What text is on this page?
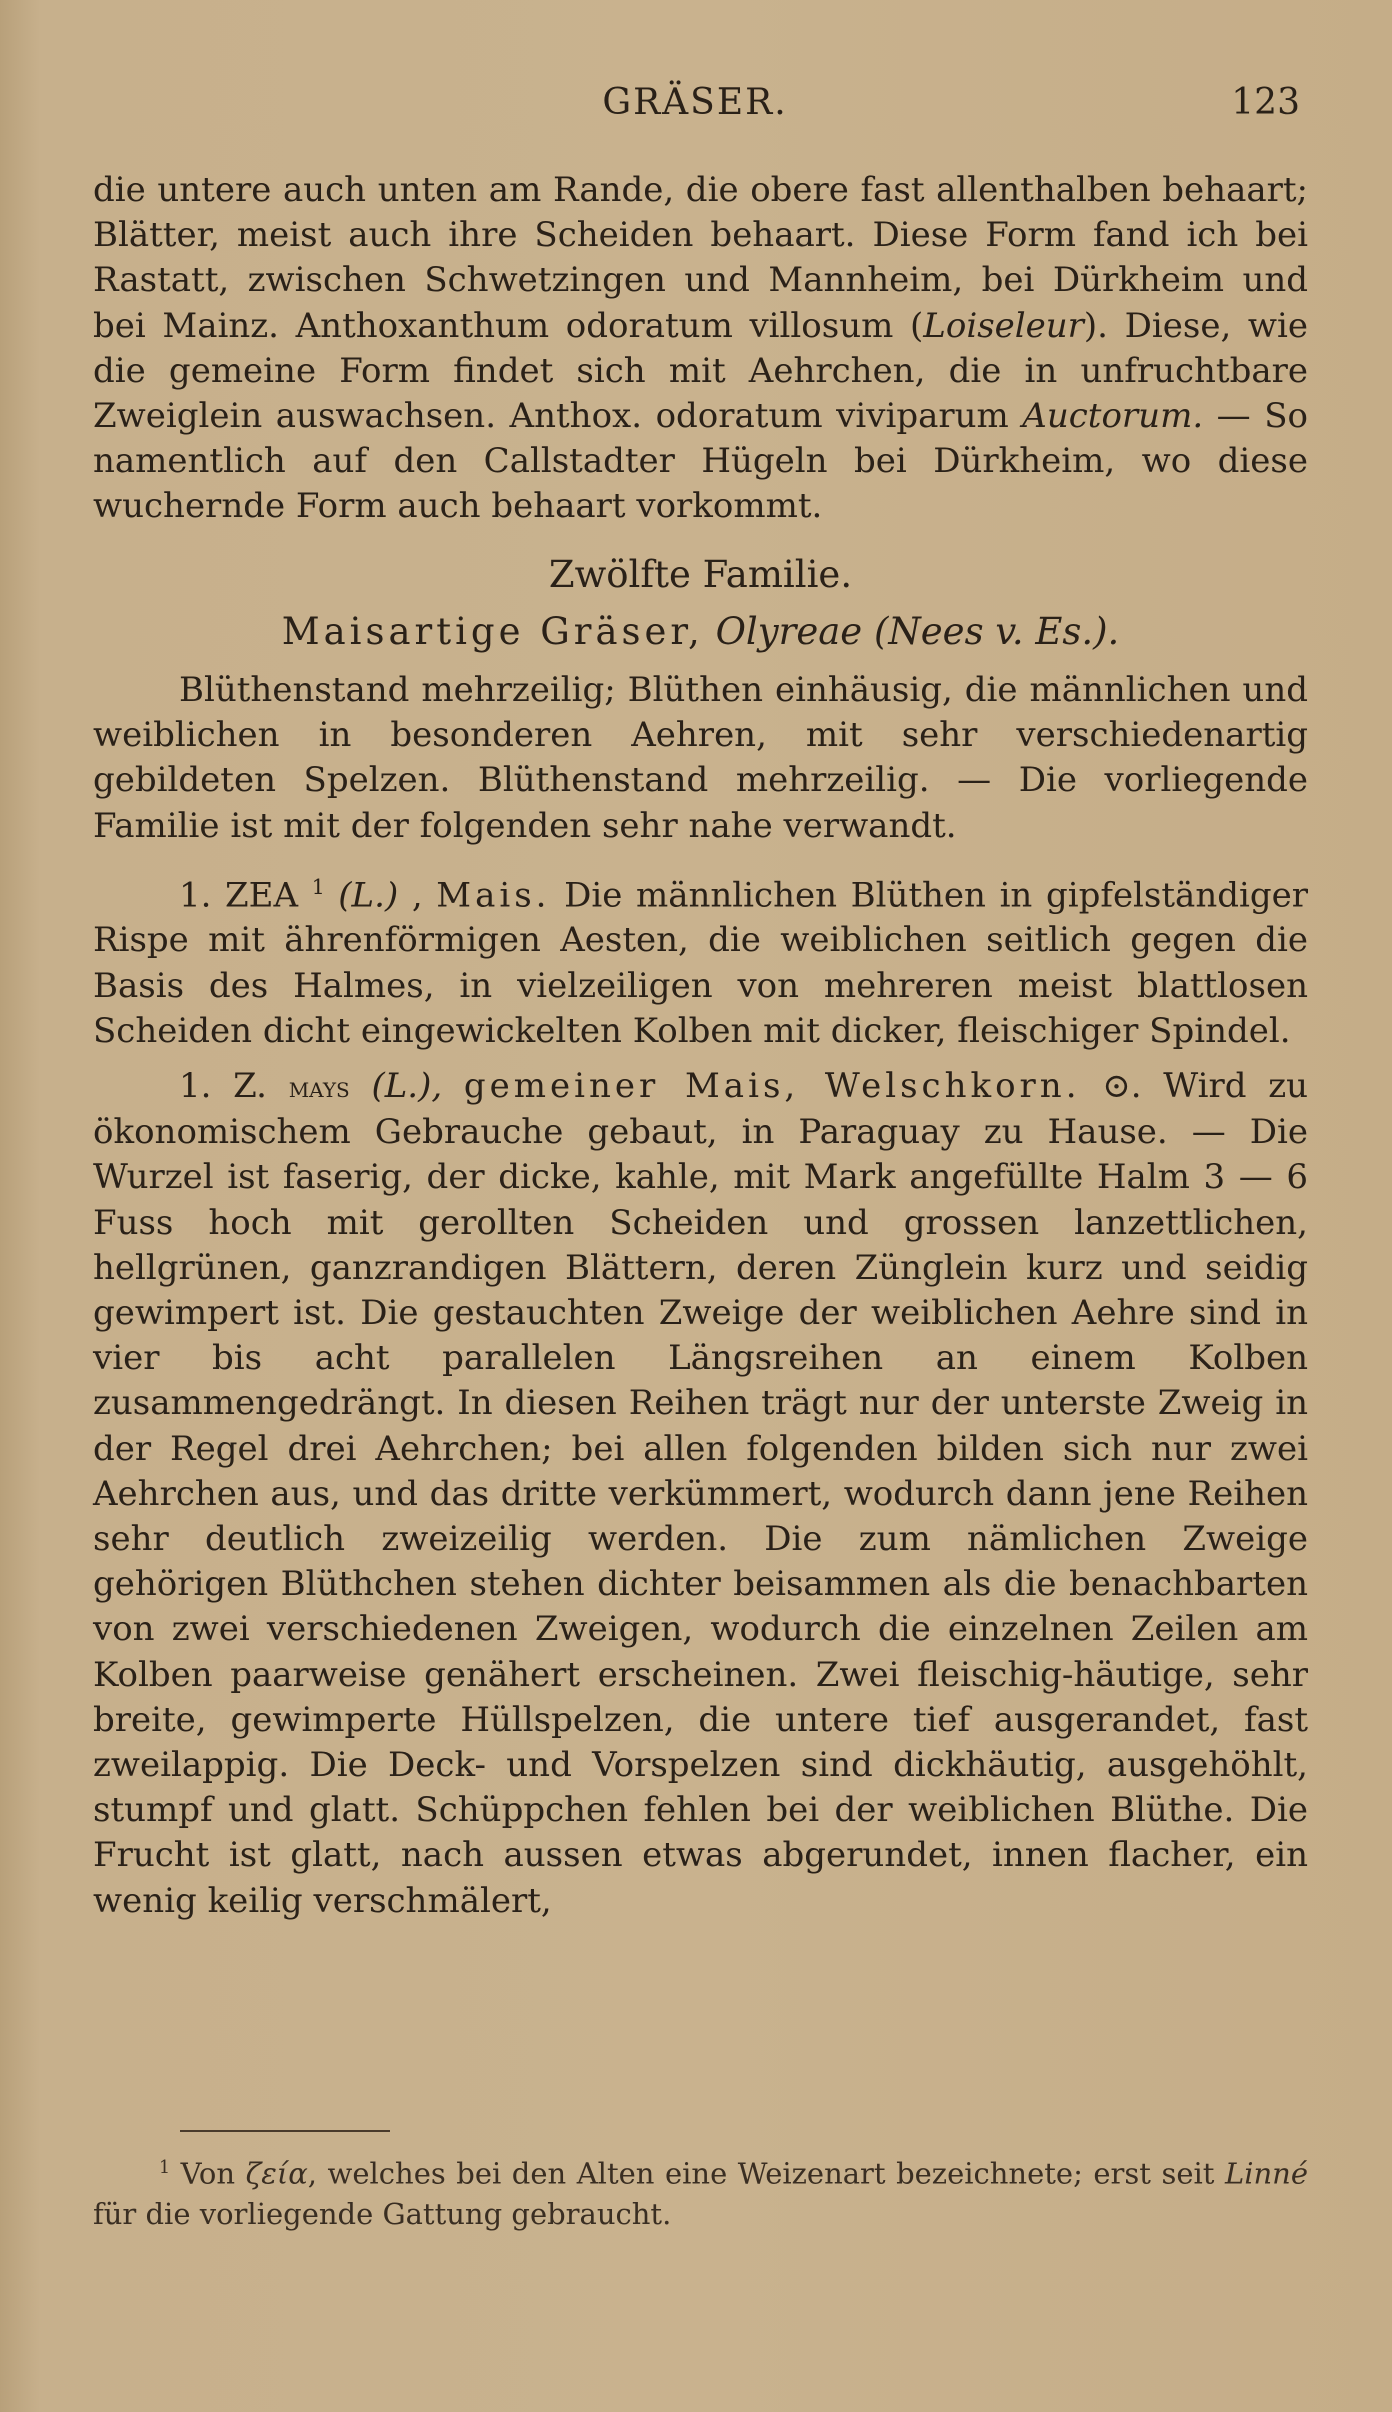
GRÄSER.	123

die untere auch unten am Rande, die obere fast allenthalben behaart; Blätter, meist auch ihre Scheiden behaart. Diese Form fand ich bei Rastatt, zwischen Schwetzingen und Mannheim, bei Dürkheim und bei Mainz. Anthoxanthum odoratum villosum (Loiseleur). Diese, wie die gemeine Form findet sich mit Aehrchen, die in unfruchtbare Zweiglein auswachsen. Anthox. odoratum viviparum Auctorum. — So namentlich auf den Callstadter Hügeln bei Dürkheim, wo diese wuchernde Form auch behaart vorkommt.

Zwölfte Familie.

Maisartige Gräser, Olyreae (Nees v. Es.).

Blüthenstand mehrzeilig; Blüthen einhäusig, die männlichen und weiblichen in besonderen Aehren, mit sehr verschiedenartig gebildeten Spelzen. Blüthenstand mehrzeilig. — Die vorliegende Familie ist mit der folgenden sehr nahe verwandt.

1. ZEA $^1$ (L.) , Mais. Die männlichen Blüthen in gipfelständiger Rispe mit ährenförmigen Aesten, die weiblichen seitlich gegen die Basis des Halmes, in vielzeiligen von mehreren meist blattlosen Scheiden dicht eingewickelten Kolben mit dicker, fleischiger Spindel.

1. Z. mays (L.), gemeiner Mais, Welschkorn. ⊙. Wird zu ökonomischem Gebrauche gebaut, in Paraguay zu Hause. — Die Wurzel ist faserig, der dicke, kahle, mit Mark angefüllte Halm 3 — 6 Fuss hoch mit gerollten Scheiden und grossen lanzettlichen, hellgrünen, ganzrandigen Blättern, deren Zünglein kurz und seidig gewimpert ist. Die gestauchten Zweige der weiblichen Aehre sind in vier bis acht parallelen Längsreihen an einem Kolben zusammengedrängt. In diesen Reihen trägt nur der unterste Zweig in der Regel drei Aehrchen; bei allen folgenden bilden sich nur zwei Aehrchen aus, und das dritte verkümmert, wodurch dann jene Reihen sehr deutlich zweizeilig werden. Die zum nämlichen Zweige gehörigen Blüthchen stehen dichter beisammen als die benachbarten von zwei verschiedenen Zweigen, wodurch die einzelnen Zeilen am Kolben paarweise genähert erscheinen. Zwei fleischig-häutige, sehr breite, gewimperte Hüllspelzen, die untere tief ausgerandet, fast zweilappig. Die Deck- und Vorspelzen sind dickhäutig, ausgehöhlt, stumpf und glatt. Schüppchen fehlen bei der weiblichen Blüthe. Die Frucht ist glatt, nach aussen etwas abgerundet, innen flacher, ein wenig keilig verschmälert,

$^1$ Von ζεία, welches bei den Alten eine Weizenart bezeichnete; erst seit Linné für die vorliegende Gattung gebraucht.
